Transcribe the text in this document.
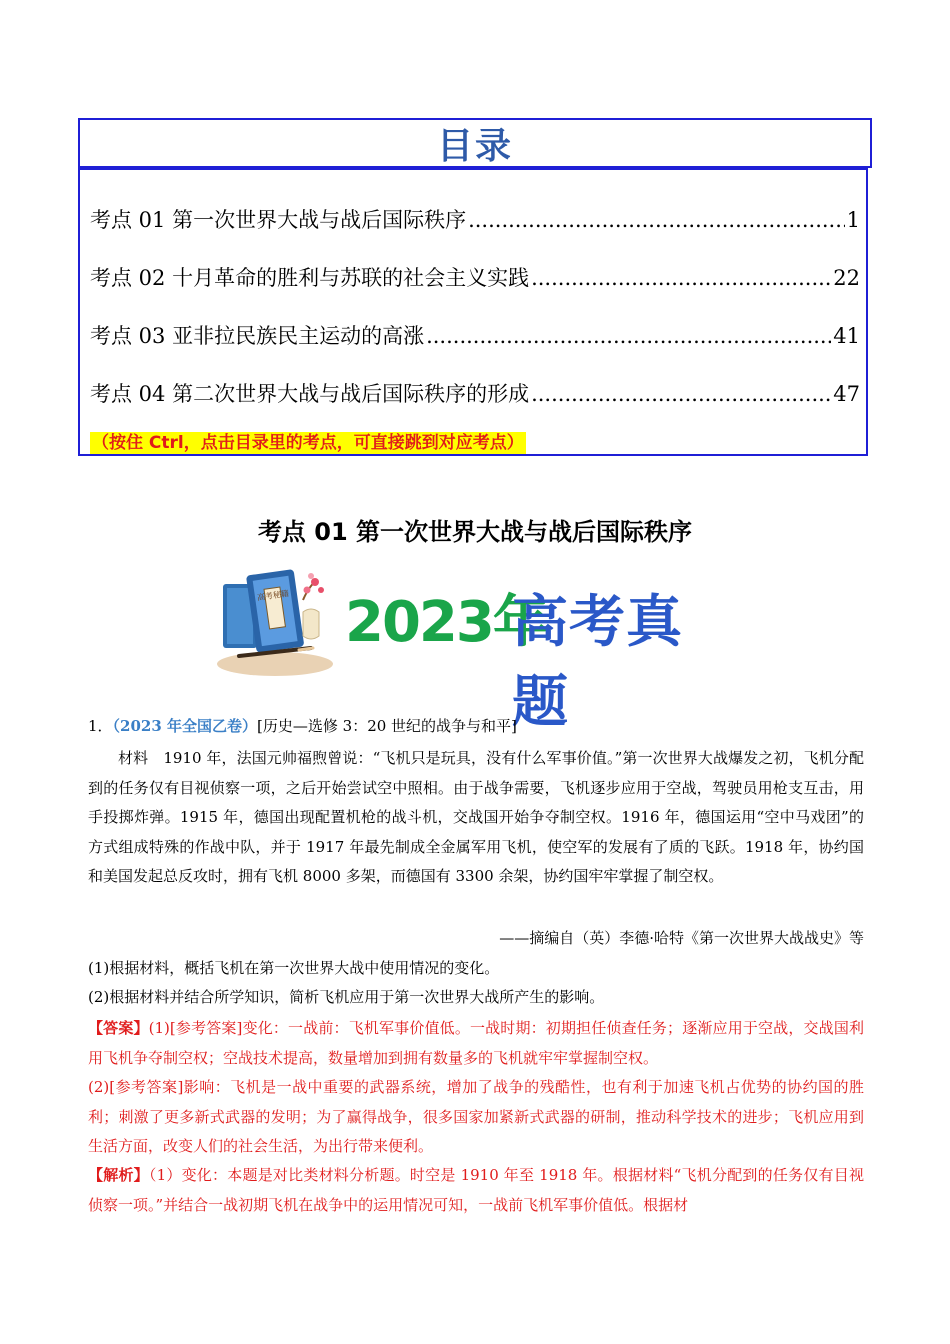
目录
考点 01 第一次世界大战与战后国际秩序 .....	1
考点 02 十月革命的胜利与苏联的社会主义实践 .....	22
考点 03 亚非拉民族民主运动的高涨 .....	41
考点 04 第二次世界大战与战后国际秩序的形成 .....	47
（按住 Ctrl，点击目录里的考点，可直接跳到对应考点）
考点 01 第一次世界大战与战后国际秩序
高考秘籍 2023年
高考真题
1．（2023 年全国乙卷）[历史—选修 3：20 世纪的战争与和平]
材料　1910 年，法国元帅福煦曾说：“飞机只是玩具，没有什么军事价值。”第一次世界大战爆发之初，飞机分配到的任务仅有目视侦察一项，之后开始尝试空中照相。由于战争需要，飞机逐步应用于空战，驾驶员用枪支互击，用手投掷炸弹。1915 年，德国出现配置机枪的战斗机，交战国开始争夺制空权。1916 年，德国运用“空中马戏团”的方式组成特殊的作战中队，并于 1917 年最先制成全金属军用飞机，使空军的发展有了质的飞跃。1918 年，协约国和美国发起总反攻时，拥有飞机 8000 多架，而德国有 3300 余架，协约国牢牢掌握了制空权。
——摘编自（英）李德·哈特《第一次世界大战战史》等
(1)根据材料，概括飞机在第一次世界大战中使用情况的变化。
(2)根据材料并结合所学知识，简析飞机应用于第一次世界大战所产生的影响。
【答案】(1)[参考答案]变化：一战前：飞机军事价值低。一战时期：初期担任侦查任务；逐渐应用于空战，交战国利用飞机争夺制空权；空战技术提高，数量增加到拥有数量多的飞机就牢牢掌握制空权。
(2)[参考答案]影响：飞机是一战中重要的武器系统，增加了战争的残酷性，也有利于加速飞机占优势的协约国的胜利；刺激了更多新式武器的发明；为了赢得战争，很多国家加紧新式武器的研制，推动科学技术的进步；飞机应用到生活方面，改变人们的社会生活，为出行带来便利。
【解析】（1）变化：本题是对比类材料分析题。时空是 1910 年至 1918 年。根据材料“飞机分配到的任务仅有目视侦察一项。”并结合一战初期飞机在战争中的运用情况可知，一战前飞机军事价值低。根据材
